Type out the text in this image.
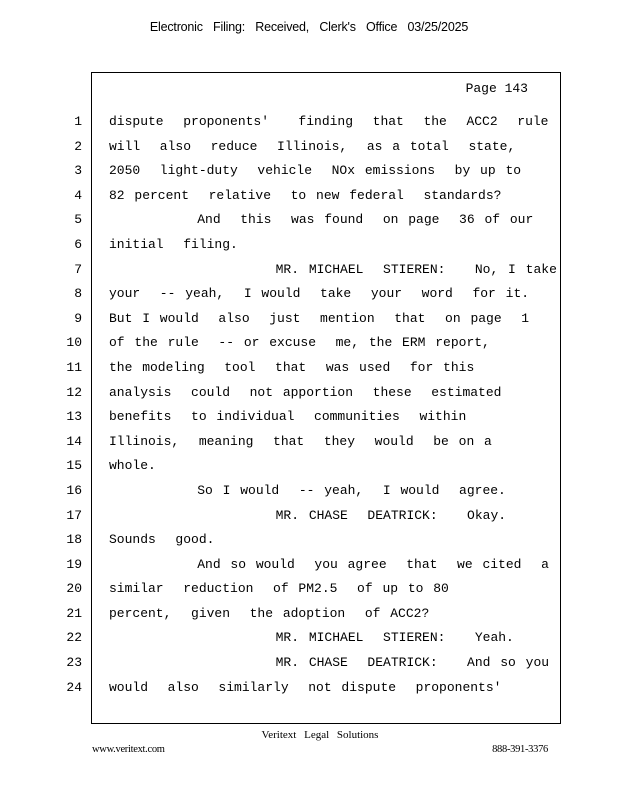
Electronic Filing: Received, Clerk's Office 03/25/2025
Page 143
1
2
3
4
5
6
7
8
9
10
11
12
13
14
15
16
17
18
19
20
21
22
23
24
dispute  proponents'   finding  that  the  ACC2  rule
will  also  reduce  Illinois,  as a total  state,
2050  light-duty  vehicle  NOx emissions  by up to
82 percent  relative  to new federal  standards?
And  this  was found  on page  36 of our
initial  filing.
MR. MICHAEL  STIEREN:   No, I take
your  -- yeah,  I would  take  your  word  for it.
But I would  also  just  mention  that  on page  1
of the rule  -- or excuse  me, the ERM report,
the modeling  tool  that  was used  for this
analysis  could  not apportion  these  estimated
benefits  to individual  communities  within
Illinois,  meaning  that  they  would  be on a
whole.
So I would  -- yeah,  I would  agree.
MR. CHASE  DEATRICK:   Okay.
Sounds  good.
And so would  you agree  that  we cited  a
similar  reduction  of PM2.5  of up to 80
percent,  given  the adoption  of ACC2?
MR. MICHAEL  STIEREN:   Yeah.
MR. CHASE  DEATRICK:   And so you
would  also  similarly  not dispute  proponents'
Veritext Legal Solutions
www.veritext.com	888-391-3376
